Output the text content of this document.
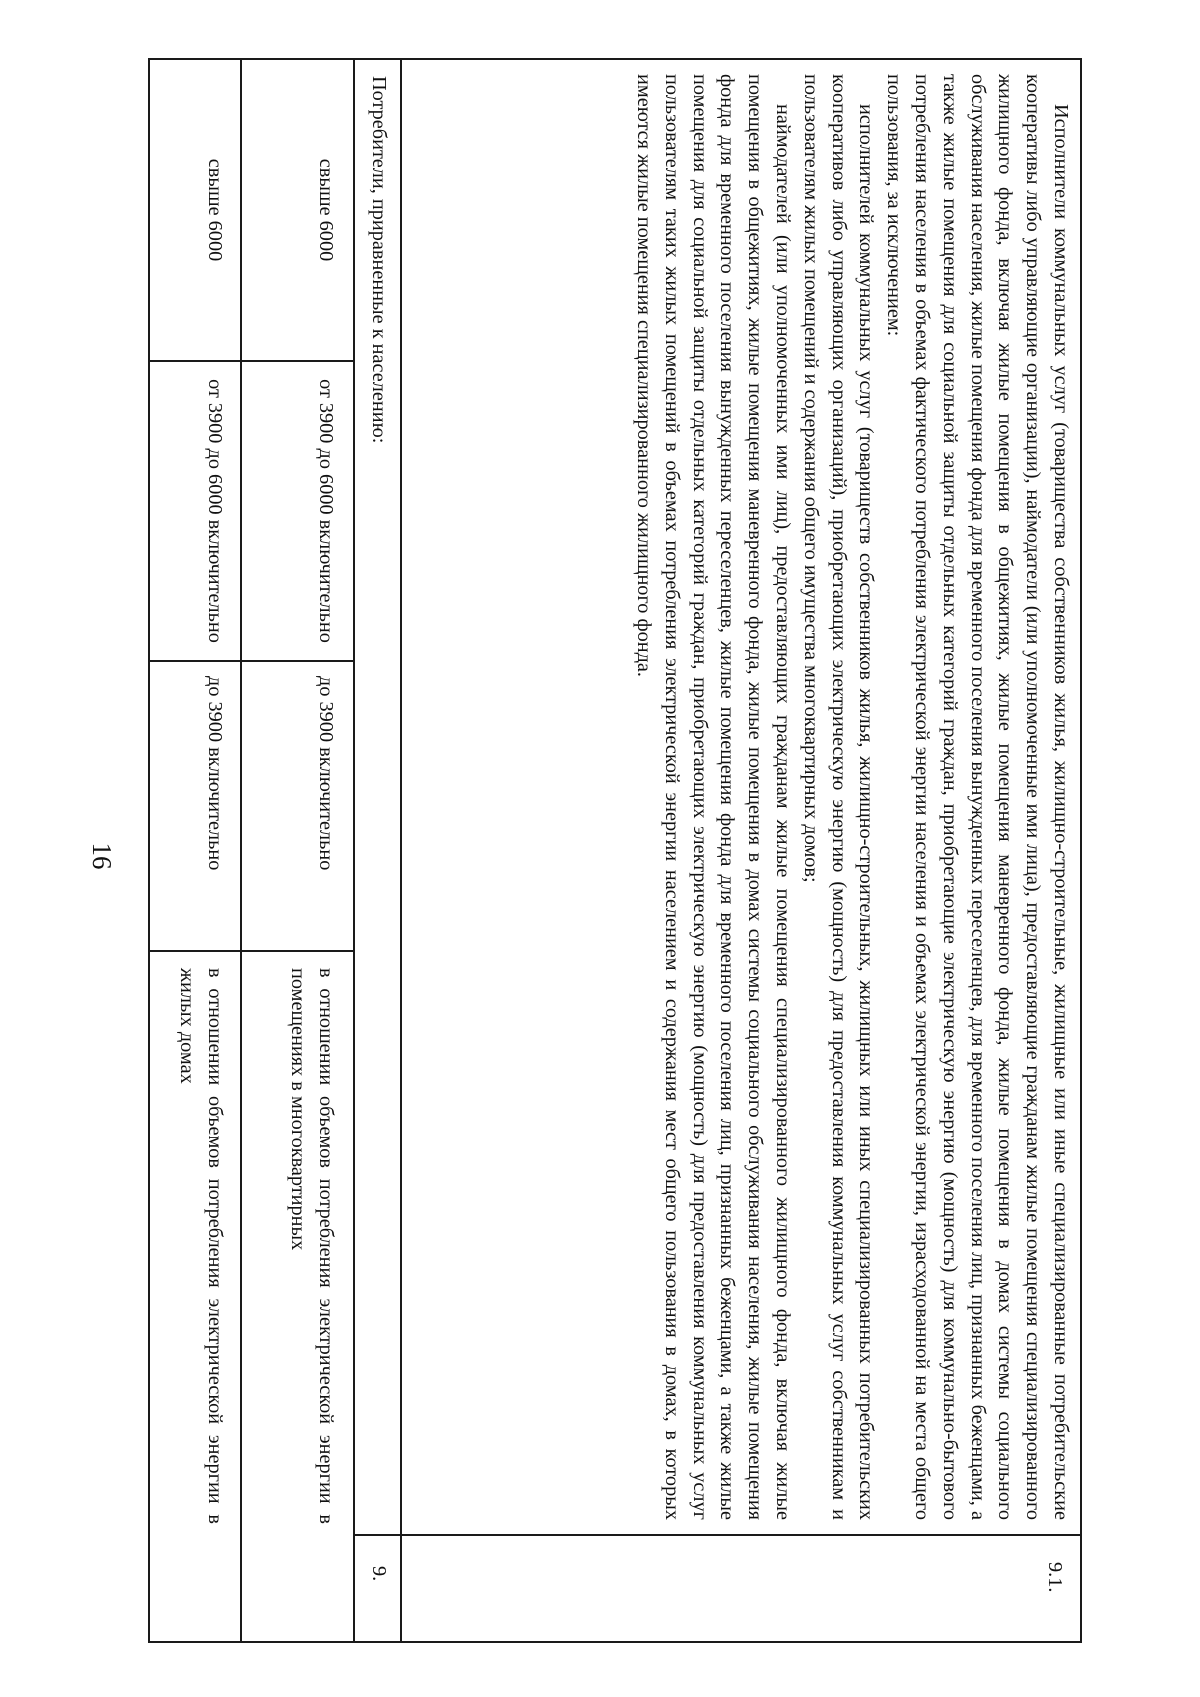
16
в отношении объемов потребления электрической энергии в жилых домах
до 3900 включительно
от 3900 до 6000 включительно
свыше 6000
в отношении объемов потребления электрической энергии в помещениях в многоквартирных
до 3900 включительно
от 3900 до 6000 включительно
свыше 6000
9.
Потребители, приравненные к населению:
9.1.

Исполнители коммунальных услуг (товарищества собственников жилья, жилищно-строительные, жилищные или иные специализированные потребительские кооперативы либо управляющие организации), наймодатели (или уполномоченные ими лица), предоставляющие гражданам жилые помещения специализированного жилищного фонда, включая жилые помещения в общежитиях, жилые помещения маневренного фонда, жилые помещения в домах системы социального обслуживания населения, жилые помещения фонда для временного поселения вынужденных переселенцев, для временного поселения лиц, признанных беженцами, а также жилые помещения для социальной защиты отдельных категорий граждан, приобретающие электрическую энергию (мощность) для коммунально-бытового потребления населения в объемах фактического потребления электрической энергии населения и объемах электрической энергии, израсходованной на места общего пользования, за исключением:

исполнителей коммунальных услуг (товариществ собственников жилья, жилищно-строительных, жилищных или иных специализированных потребительских кооперативов либо управляющих организаций), приобретающих электрическую энергию (мощность) для предоставления коммунальных услуг собственникам и пользователям жилых помещений и содержания общего имущества многоквартирных домов;

наймодателей (или уполномоченных ими лиц), предоставляющих гражданам жилые помещения специализированного жилищного фонда, включая жилые помещения в общежитиях, жилые помещения маневренного фонда, жилые помещения в домах системы социального обслуживания населения, жилые помещения фонда для временного поселения вынужденных переселенцев, жилые помещения фонда для временного поселения лиц, признанных беженцами, а также жилые помещения для социальной защиты отдельных категорий граждан, приобретающих электрическую энергию (мощность) для предоставления коммунальных услуг пользователям таких жилых помещений в объемах потребления электрической энергии населением и содержания мест общего пользования в домах, в которых имеются жилые помещения специализированного жилищного фонда.
